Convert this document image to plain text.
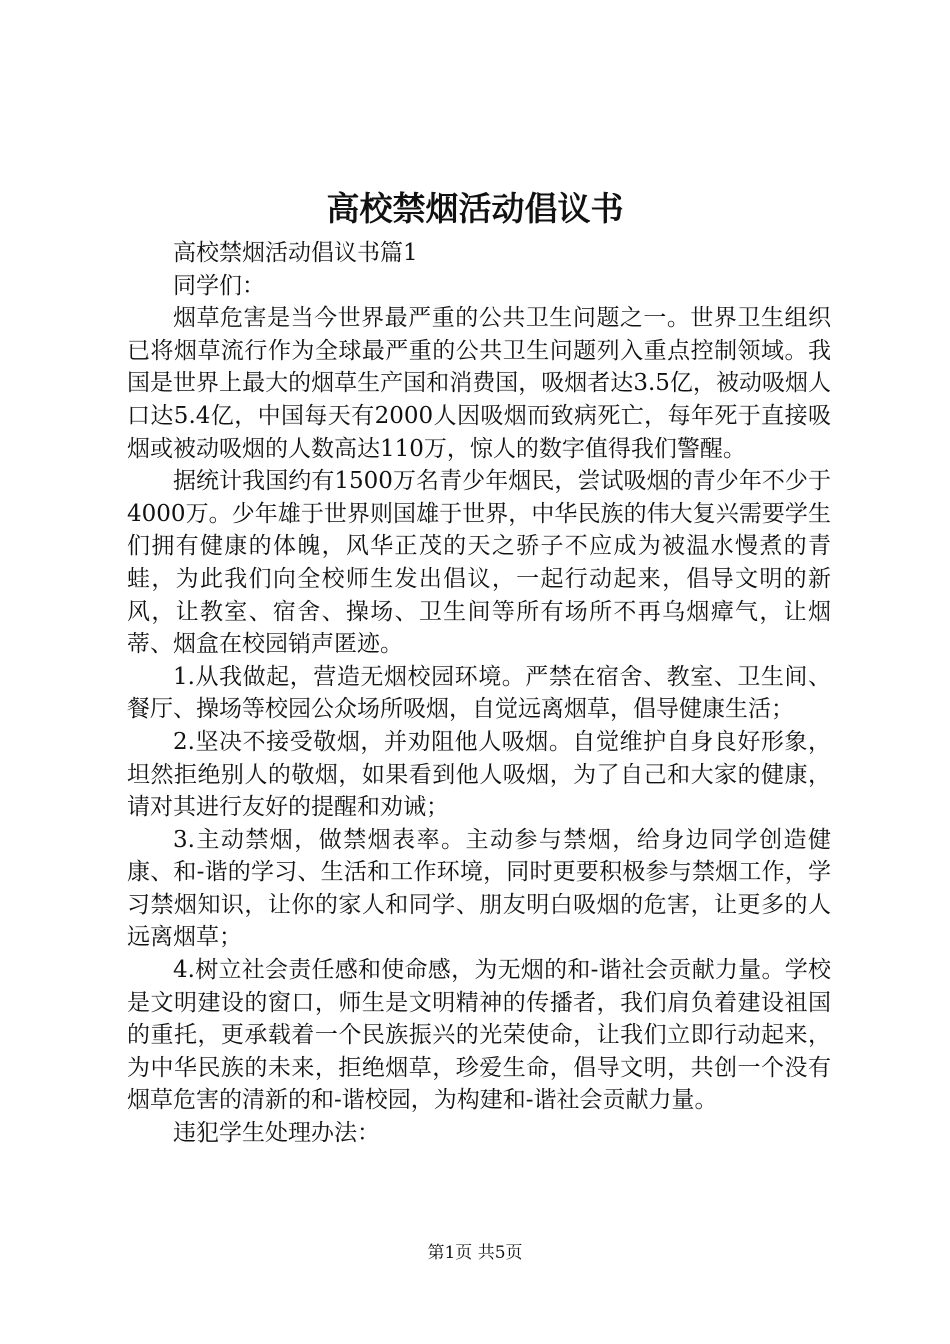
高校禁烟活动倡议书

高校禁烟活动倡议书篇1

同学们：

烟草危害是当今世界最严重的公共卫生问题之一。世界卫生组织已将烟草流行作为全球最严重的公共卫生问题列入重点控制领域。我国是世界上最大的烟草生产国和消费国，吸烟者达3.5亿，被动吸烟人口达5.4亿，中国每天有2000人因吸烟而致病死亡，每年死于直接吸烟或被动吸烟的人数高达110万，惊人的数字值得我们警醒。

据统计我国约有1500万名青少年烟民，尝试吸烟的青少年不少于4000万。少年雄于世界则国雄于世界，中华民族的伟大复兴需要学生们拥有健康的体魄，风华正茂的天之骄子不应成为被温水慢煮的青蛙，为此我们向全校师生发出倡议，一起行动起来，倡导文明的新风，让教室、宿舍、操场、卫生间等所有场所不再乌烟瘴气，让烟蒂、烟盒在校园销声匿迹。

1.从我做起，营造无烟校园环境。严禁在宿舍、教室、卫生间、餐厅、操场等校园公众场所吸烟，自觉远离烟草，倡导健康生活；

2.坚决不接受敬烟，并劝阻他人吸烟。自觉维护自身良好形象，坦然拒绝别人的敬烟，如果看到他人吸烟，为了自己和大家的健康，请对其进行友好的提醒和劝诫；

3.主动禁烟，做禁烟表率。主动参与禁烟，给身边同学创造健康、和-谐的学习、生活和工作环境，同时更要积极参与禁烟工作，学习禁烟知识，让你的家人和同学、朋友明白吸烟的危害，让更多的人远离烟草；

4.树立社会责任感和使命感，为无烟的和-谐社会贡献力量。学校是文明建设的窗口，师生是文明精神的传播者，我们肩负着建设祖国的重托，更承载着一个民族振兴的光荣使命，让我们立即行动起来，为中华民族的未来，拒绝烟草，珍爱生命，倡导文明，共创一个没有烟草危害的清新的和-谐校园，为构建和-谐社会贡献力量。

违犯学生处理办法：

第1页 共5页
